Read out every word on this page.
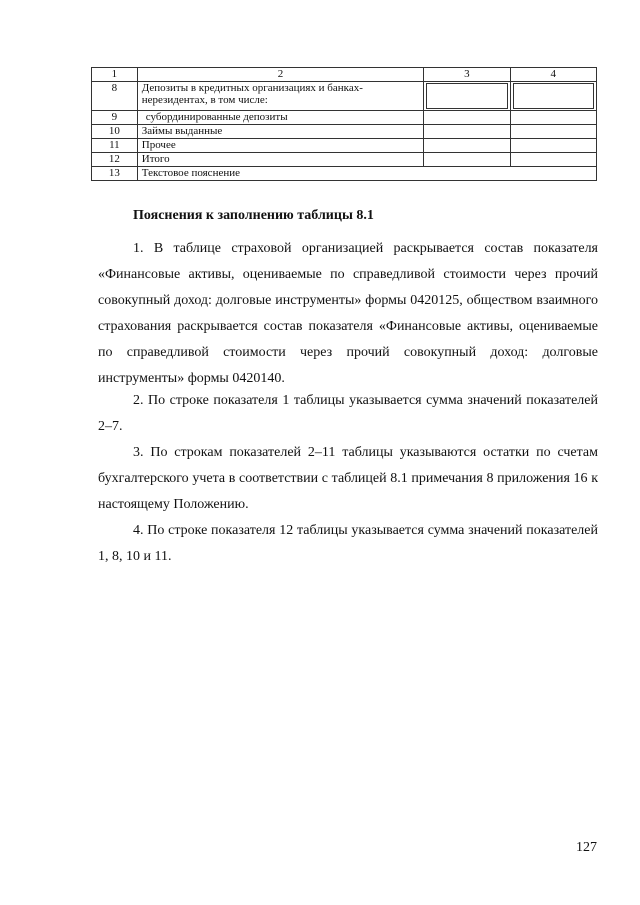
1	2	3	4
8	Депозиты в кредитных организациях и банках-нерезидентах, в том числе:	

9	субординированные депозиты		
10	Займы выданные		
11	Прочее		
12	Итого		
13	Текстовое пояснение		

Пояснения к заполнению таблицы 8.1

1. В таблице страховой организацией раскрывается состав показателя «Финансовые активы, оцениваемые по справедливой стоимости через прочий совокупный доход: долговые инструменты» формы 0420125, обществом взаимного страхования раскрывается состав показателя «Финансовые активы, оцениваемые по справедливой стоимости через прочий совокупный доход: долговые инструменты» формы 0420140.

2. По строке показателя 1 таблицы указывается сумма значений показателей 2–7.

3. По строкам показателей 2–11 таблицы указываются остатки по счетам бухгалтерского учета в соответствии с таблицей 8.1 примечания 8 приложения 16 к настоящему Положению.

4. По строке показателя 12 таблицы указывается сумма значений показателей 1, 8, 10 и 11.

127
